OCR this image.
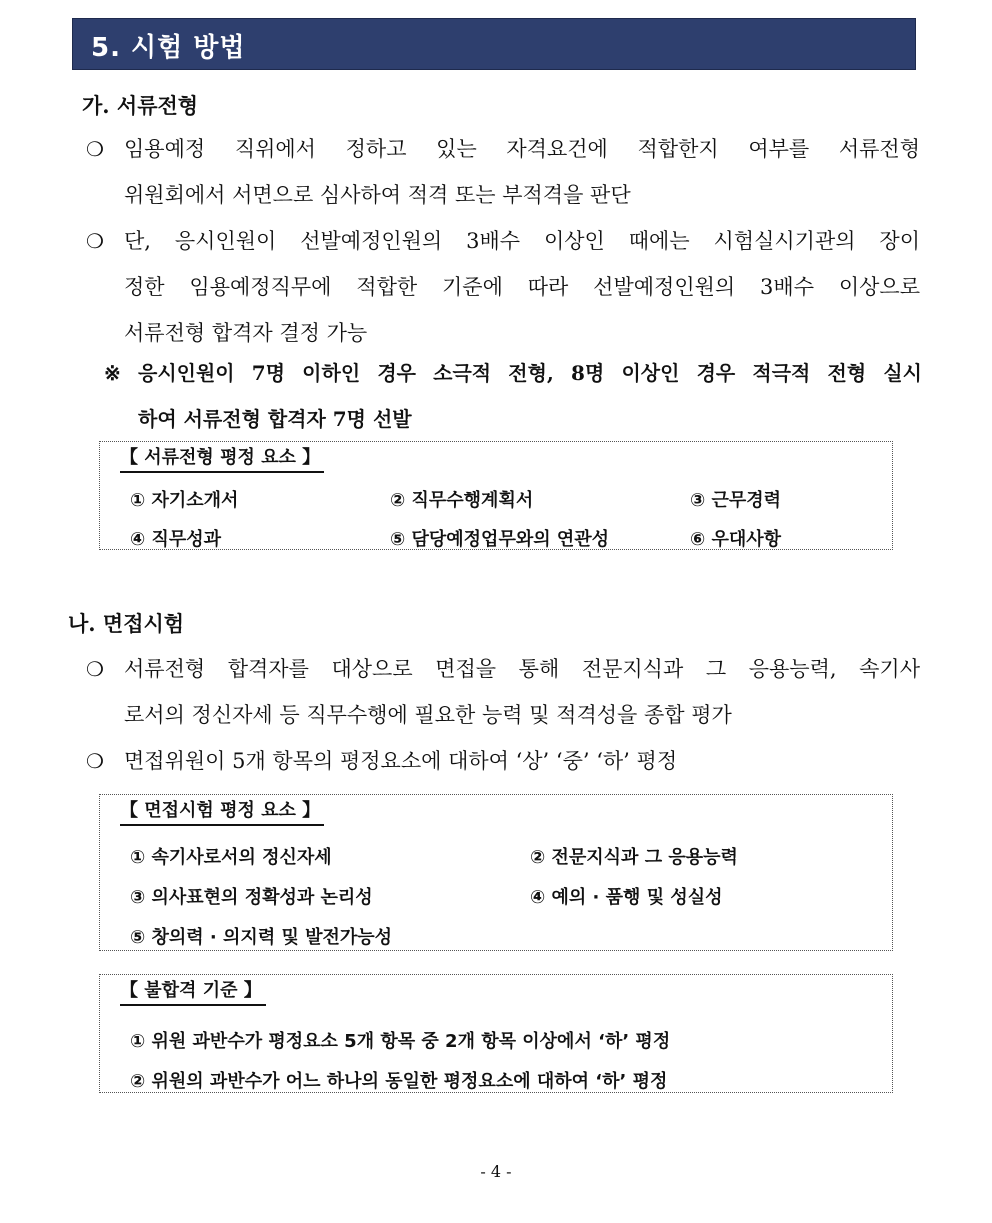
5. 시험 방법
가. 서류전형
❍ 임용예정 직위에서 정하고 있는 자격요건에 적합한지 여부를 서류전형
위원회에서 서면으로 심사하여 적격 또는 부적격을 판단
❍ 단, 응시인원이 선발예정인원의 3배수 이상인 때에는 시험실시기관의 장이
정한 임용예정직무에 적합한 기준에 따라 선발예정인원의 3배수 이상으로
서류전형 합격자 결정 가능
※ 응시인원이 7명 이하인 경우 소극적 전형, 8명 이상인 경우 적극적 전형 실시
하여 서류전형 합격자 7명 선발
【 서류전형 평정 요소 】
① 자기소개서	② 직무수행계획서	③ 근무경력
④ 직무성과	⑤ 담당예정업무와의 연관성	⑥ 우대사항
나. 면접시험
❍ 서류전형 합격자를 대상으로 면접을 통해 전문지식과 그 응용능력, 속기사
로서의 정신자세 등 직무수행에 필요한 능력 및 적격성을 종합 평가
❍ 면접위원이 5개 항목의 평정요소에 대하여 ‘상’ ‘중’ ‘하’ 평정
【 면접시험 평정 요소 】
① 속기사로서의 정신자세	② 전문지식과 그 응용능력
③ 의사표현의 정확성과 논리성	④ 예의 · 품행 및 성실성
⑤ 창의력 · 의지력 및 발전가능성
【 불합격 기준 】
① 위원 과반수가 평정요소 5개 항목 중 2개 항목 이상에서 ‘하’ 평정
② 위원의 과반수가 어느 하나의 동일한 평정요소에 대하여 ‘하’ 평정
- 4 -
